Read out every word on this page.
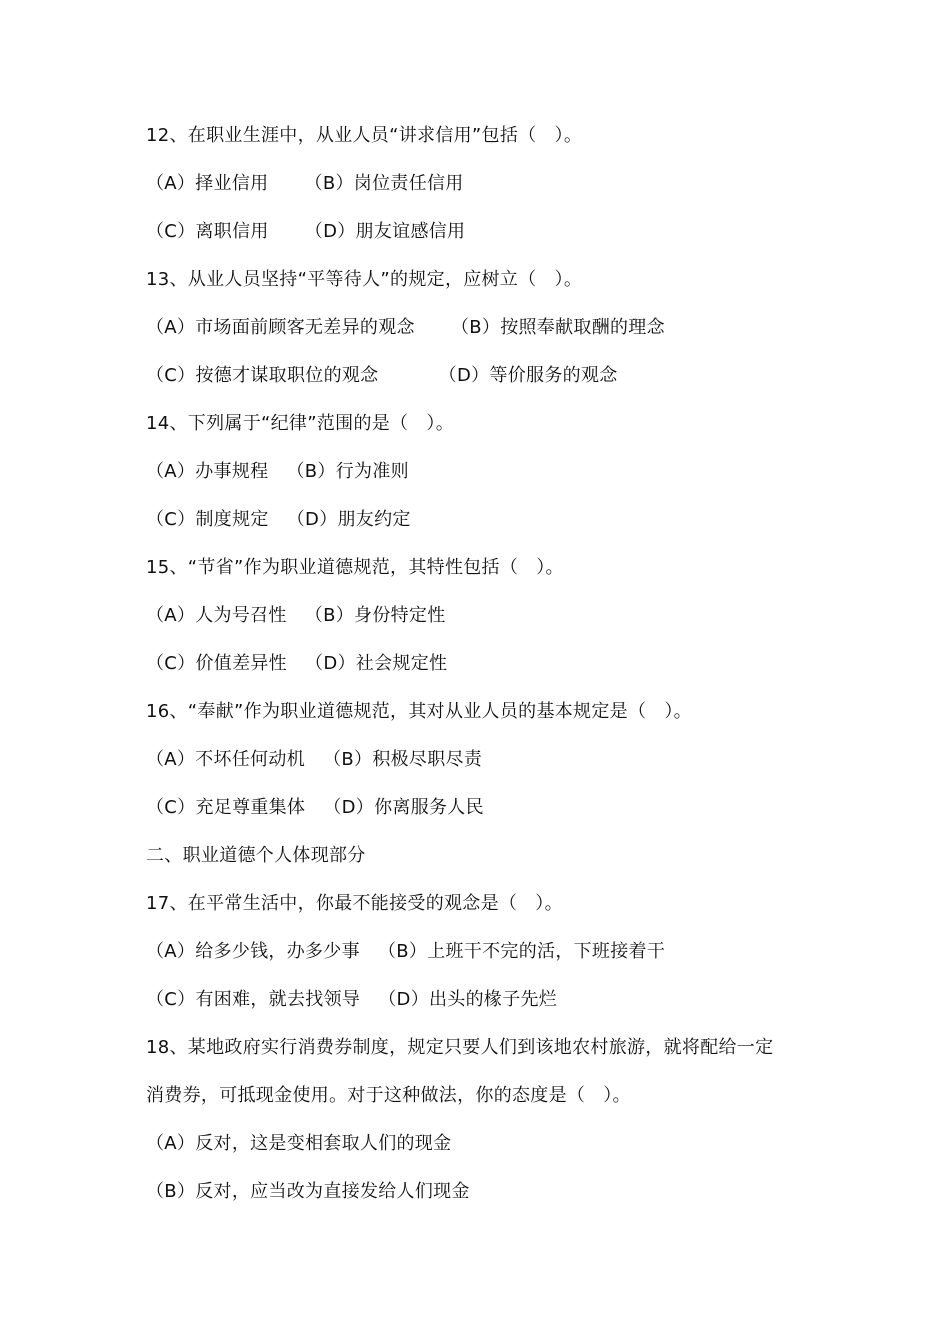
12、在职业生涯中，从业人员“讲求信用”包括（   ）。
（A）择业信用      （B）岗位责任信用
（C）离职信用      （D）朋友谊感信用
13、从业人员坚持“平等待人”的规定，应树立（   ）。
（A）市场面前顾客无差异的观念      （B）按照奉献取酬的理念
（C）按德才谋取职位的观念          （D）等价服务的观念
14、下列属于“纪律”范围的是（   ）。
（A）办事规程   （B）行为准则
（C）制度规定   （D）朋友约定
15、“节省”作为职业道德规范，其特性包括（   ）。
（A）人为号召性   （B）身份特定性
（C）价值差异性   （D）社会规定性
16、“奉献”作为职业道德规范，其对从业人员的基本规定是（   ）。
（A）不坏任何动机   （B）积极尽职尽责
（C）充足尊重集体   （D）你离服务人民
二、职业道德个人体现部分
17、在平常生活中，你最不能接受的观念是（   ）。
（A）给多少钱，办多少事   （B）上班干不完的活，下班接着干
（C）有困难，就去找领导   （D）出头的椽子先烂
18、某地政府实行消费券制度，规定只要人们到该地农村旅游，就将配给一定
消费券，可抵现金使用。对于这种做法，你的态度是（   ）。
（A）反对，这是变相套取人们的现金
（B）反对，应当改为直接发给人们现金
